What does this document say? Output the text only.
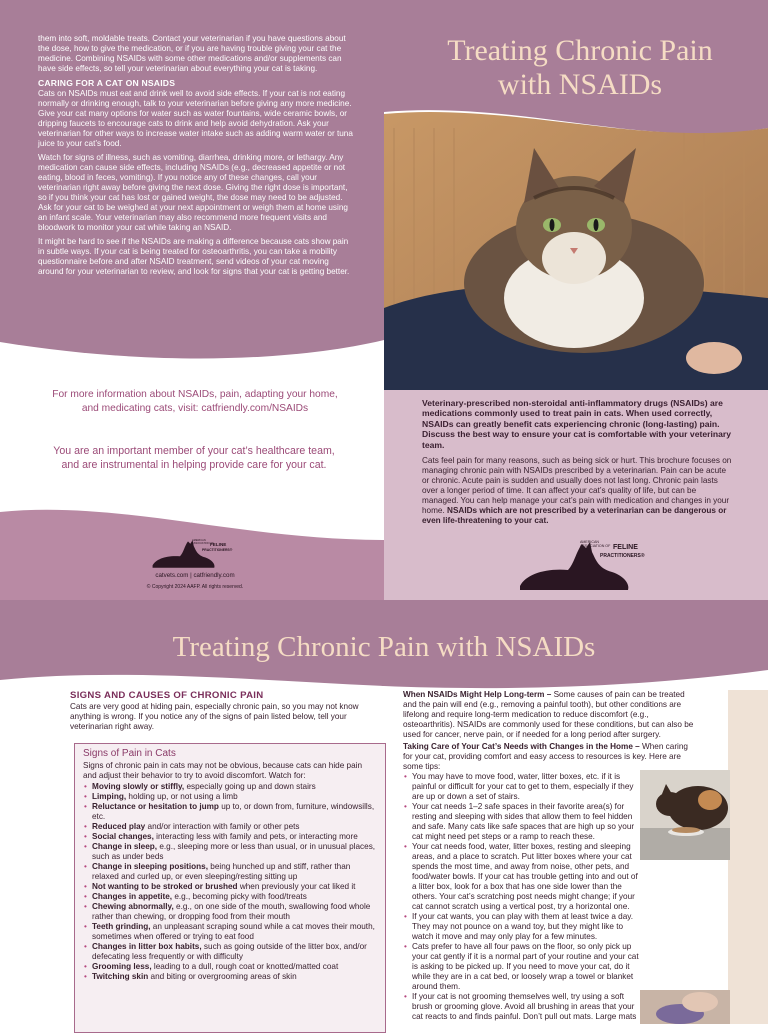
them into soft, moldable treats. Contact your veterinarian if you have questions about the dose, how to give the medication, or if you are having trouble giving your cat the medicine. Combining NSAIDs with some other medications and/or supplements can have side effects, so tell your veterinarian about everything your cat is taking.

CARING FOR A CAT ON NSAIDS

Cats on NSAIDs must eat and drink well to avoid side effects. If your cat is not eating normally or drinking enough, talk to your veterinarian before giving any more medicine. Give your cat many options for water such as water fountains, wide ceramic bowls, or dripping faucets to encourage cats to drink and help avoid dehydration. Ask your veterinarian for other ways to increase water intake such as adding warm water or tuna juice to your cat’s food.

Watch for signs of illness, such as vomiting, diarrhea, drinking more, or lethargy. Any medication can cause side effects, including NSAIDs (e.g., decreased appetite or not eating, blood in feces, vomiting). If you notice any of these changes, call your veterinarian right away before giving the next dose. Giving the right dose is important, so if you think your cat has lost or gained weight, the dose may need to be adjusted. Ask for your cat to be weighed at your next appointment or weigh them at home using an infant scale. Your veterinarian may also recommend more frequent visits and bloodwork to monitor your cat while taking an NSAID.

It might be hard to see if the NSAIDs are making a difference because cats show pain in subtle ways. If your cat is being treated for osteoarthritis, you can take a mobility questionnaire before and after NSAID treatment, send videos of your cat moving around for your veterinarian to review, and look for signs that your cat is getting better.

Treating Chronic Pain
with NSAIDs
Veterinary-prescribed non-steroidal anti-inflammatory drugs (NSAIDs) are medications commonly used to treat pain in cats. When used correctly, NSAIDs can greatly benefit cats experiencing chronic (long-lasting) pain. Discuss the best way to ensure your cat is comfortable with your veterinary team.
Cats feel pain for many reasons, such as being sick or hurt. This brochure focuses on managing chronic pain with NSAIDs prescribed by a veterinarian. Pain can be acute or chronic. Acute pain is sudden and usually does not last long. Chronic pain lasts over a longer period of time. It can affect your cat’s quality of life, but can be managed. You can help manage your cat’s pain with medication and changes in your home. NSAIDs which are not prescribed by a veterinarian can be dangerous or even life-threatening to your cat.
AMERICAN ASSOCIATION OF FELINE
PRACTITIONERS®
For more information about NSAIDs, pain, adapting your home, and medicating cats, visit: catfriendly.com/NSAIDs
You are an important member of your cat’s healthcare team, and are instrumental in helping provide care for your cat.
AMERICAN ASSOCIATION OF
FELINE
PRACTITIONERS®
catvets.com | catfriendly.com
© Copyright 2024 AAFP. All rights reserved.
Treating Chronic Pain with NSAIDs
SIGNS AND CAUSES OF CHRONIC PAIN
Cats are very good at hiding pain, especially chronic pain, so you may not know anything is wrong. If you notice any of the signs of pain listed below, tell your veterinarian right away.
Signs of Pain in Cats
Signs of chronic pain in cats may not be obvious, because cats can hide pain and adjust their behavior to try to avoid discomfort. Watch for:
• Moving slowly or stiffly, especially going up and down stairs
• Limping, holding up, or not using a limb
• Reluctance or hesitation to jump up to, or down from, furniture, windowsills, etc.
• Reduced play and/or interaction with family or other pets
• Social changes, interacting less with family and pets, or interacting more
• Change in sleep, e.g., sleeping more or less than usual, or in unusual places, such as under beds
• Change in sleeping positions, being hunched up and stiff, rather than relaxed and curled up, or even sleeping/resting sitting up
• Not wanting to be stroked or brushed when previously your cat liked it
• Changes in appetite, e.g., becoming picky with food/treats
• Chewing abnormally, e.g., on one side of the mouth, swallowing food whole rather than chewing, or dropping food from their mouth
• Teeth grinding, an unpleasant scraping sound while a cat moves their mouth, sometimes when offered or trying to eat food
• Changes in litter box habits, such as going outside of the litter box, and/or defecating less frequently or with difficulty
• Grooming less, leading to a dull, rough coat or knotted/matted coat
• Twitching skin and biting or overgrooming areas of skin

When NSAIDs Might Help Long-term – Some causes of pain can be treated and the pain will end (e.g., removing a painful tooth), but other conditions are lifelong and require long-term medication to reduce discomfort (e.g., osteoarthritis). NSAIDs are commonly used for these conditions, but can also be used for cancer, nerve pain, or if needed for a long period after surgery.

Taking Care of Your Cat’s Needs with Changes in the Home – When caring for your cat, providing comfort and easy access to resources is key. Here are some tips:

• You may have to move food, water, litter boxes, etc. if it is painful or difficult for your cat to get to them, especially if they are up or down a set of stairs.
• Your cat needs 1–2 safe spaces in their favorite area(s) for resting and sleeping with sides that allow them to feel hidden and safe. Many cats like safe spaces that are high up so your cat might need pet steps or a ramp to reach these.
• Your cat needs food, water, litter boxes, resting and sleeping areas, and a place to scratch. Put litter boxes where your cat spends the most time, and away from noise, other pets, and food/water bowls. If your cat has trouble getting into and out of a litter box, look for a box that has one side lower than the others. Your cat’s scratching post needs might change; if your cat cannot scratch using a vertical post, try a horizontal one.
• If your cat wants, you can play with them at least twice a day. They may not pounce on a wand toy, but they might like to watch it move and may only play for a few minutes.
• Cats prefer to have all four paws on the floor, so only pick up your cat gently if it is a normal part of your routine and your cat is asking to be picked up. If you need to move your cat, do it while they are in a cat bed, or loosely wrap a towel or blanket around them.
• If your cat is not grooming themselves well, try using a soft brush or grooming glove. Avoid all brushing in areas that your cat reacts to and finds painful. Don’t pull out mats. Large mats
